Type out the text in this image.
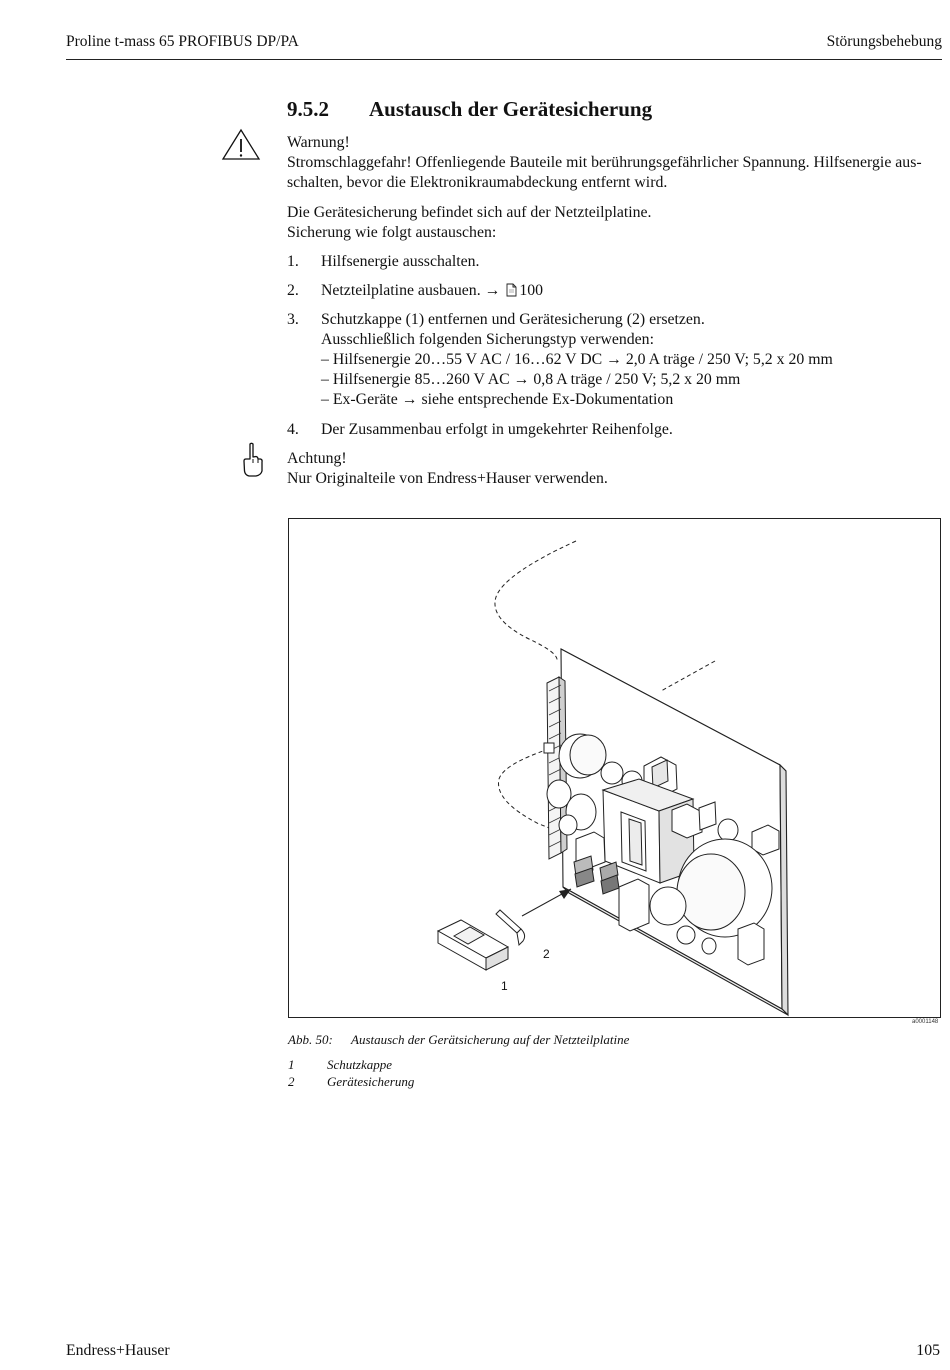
Proline t-mass 65 PROFIBUS DP/PA	Störungsbehebung
9.5.2 Austausch der Gerätesicherung
Warnung!
Stromschlaggefahr! Offenliegende Bauteile mit berührungsgefährlicher Spannung. Hilfsenergie aus-
schalten, bevor die Elektronikraumabdeckung entfernt wird.
Die Gerätesicherung befindet sich auf der Netzteilplatine.
Sicherung wie folgt austauschen:
1. Hilfsenergie ausschalten.
2. Netzteilplatine ausbauen. → 100
3. Schutzkappe (1) entfernen und Gerätesicherung (2) ersetzen.
Ausschließlich folgenden Sicherungstyp verwenden:
– Hilfsenergie 20…55 V AC / 16…62 V DC → 2,0 A träge / 250 V; 5,2 x 20 mm
– Hilfsenergie 85…260 V AC → 0,8 A träge / 250 V; 5,2 x 20 mm
– Ex-Geräte → siehe entsprechende Ex-Dokumentation
4. Der Zusammenbau erfolgt in umgekehrter Reihenfolge.
Achtung!
Nur Originalteile von Endress+Hauser verwenden.
2
1
a0001148
Abb. 50: Austausch der Gerätsicherung auf der Netzteilplatine
1	Schutzkappe
2	Gerätesicherung
Endress+Hauser	105
